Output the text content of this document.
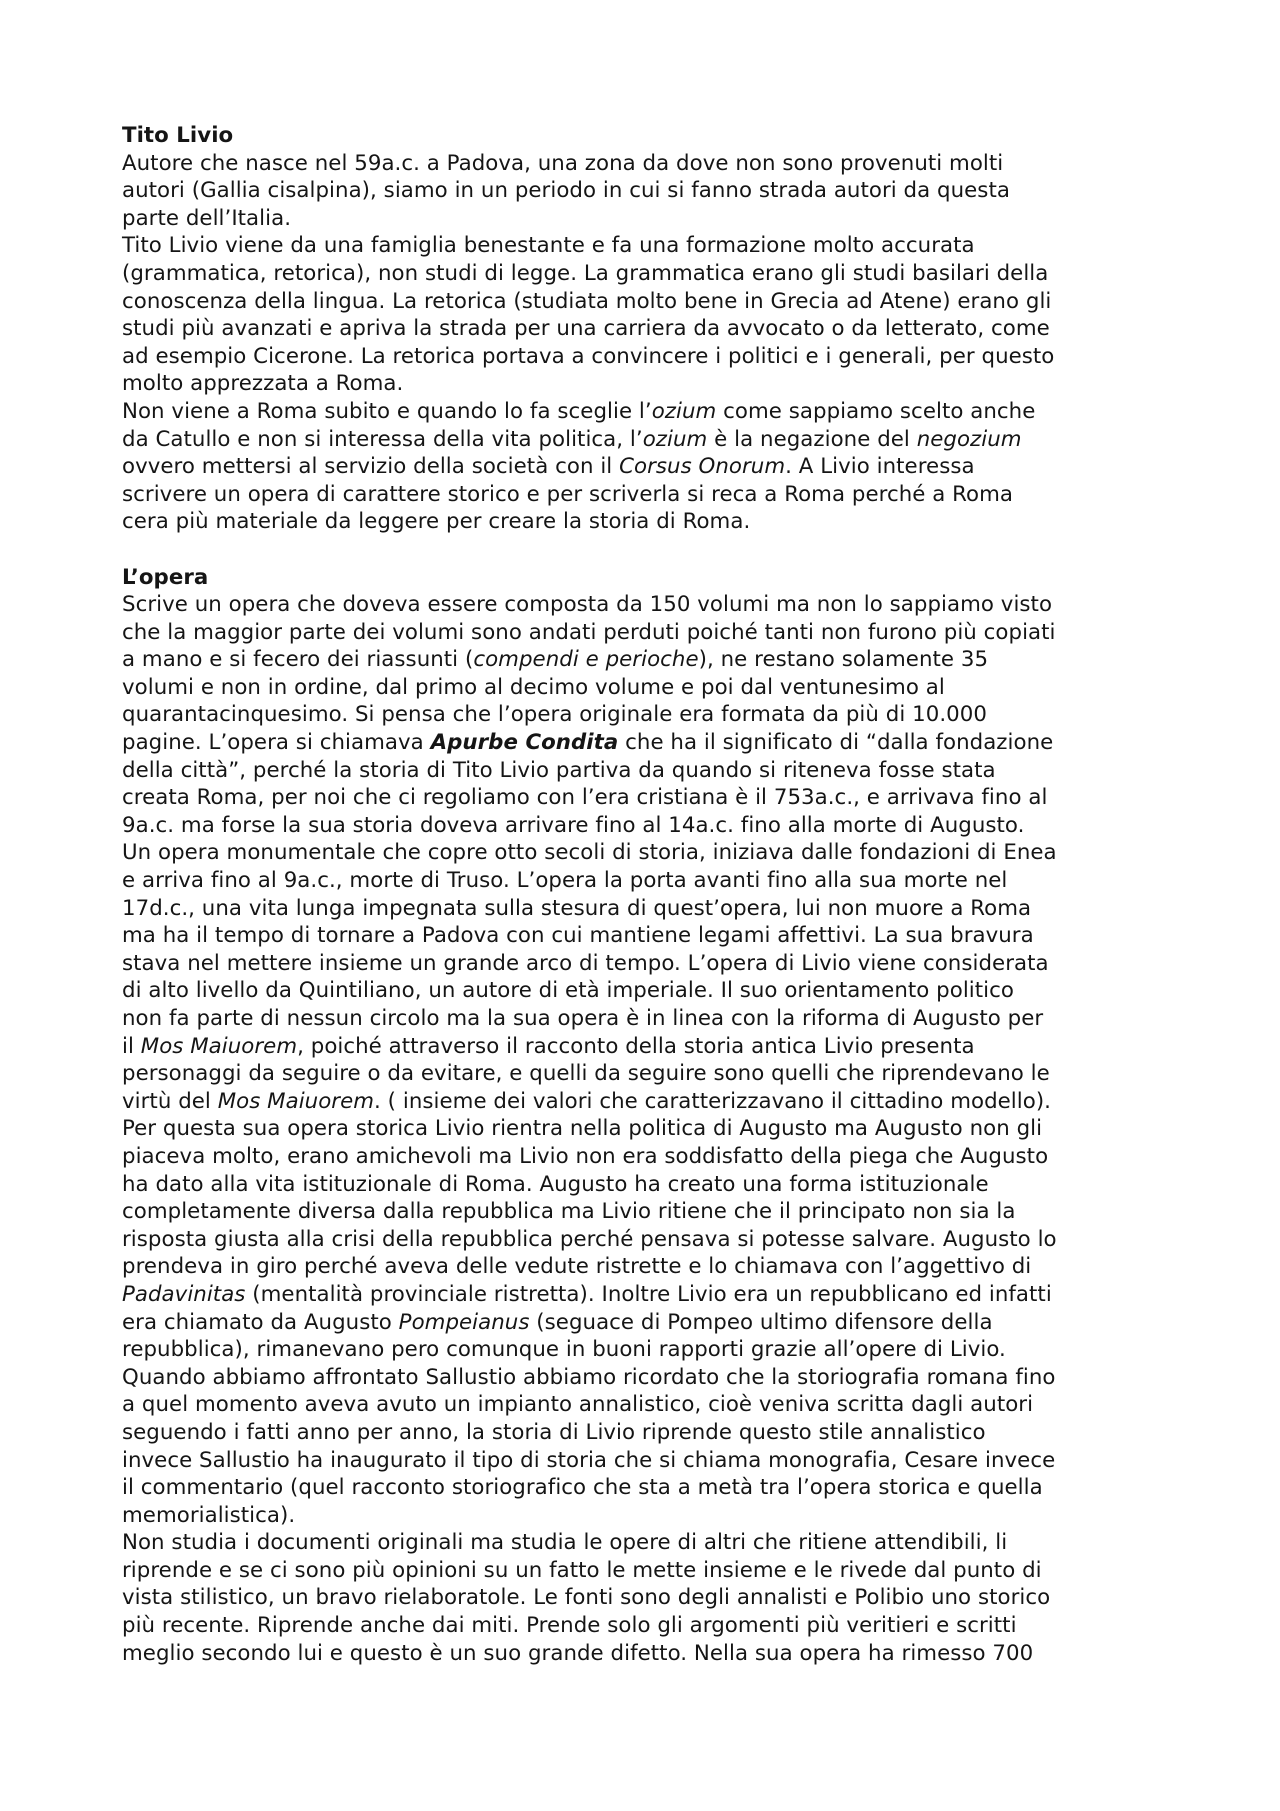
Tito Livio

Autore che nasce nel 59a.c. a Padova, una zona da dove non sono provenuti molti

autori (Gallia cisalpina), siamo in un periodo in cui si fanno strada autori da questa

parte dell’Italia.

Tito Livio viene da una famiglia benestante e fa una formazione molto accurata

(grammatica, retorica), non studi di legge. La grammatica erano gli studi basilari della

conoscenza della lingua. La retorica (studiata molto bene in Grecia ad Atene) erano gli

studi più avanzati e apriva la strada per una carriera da avvocato o da letterato, come

ad esempio Cicerone. La retorica portava a convincere i politici e i generali, per questo

molto apprezzata a Roma.

Non viene a Roma subito e quando lo fa sceglie l’ozium come sappiamo scelto anche

da Catullo e non si interessa della vita politica, l’ozium è la negazione del negozium

ovvero mettersi al servizio della società con il Corsus Onorum. A Livio interessa

scrivere un opera di carattere storico e per scriverla si reca a Roma perché a Roma

cera più materiale da leggere per creare la storia di Roma.

L’opera

Scrive un opera che doveva essere composta da 150 volumi ma non lo sappiamo visto

che la maggior parte dei volumi sono andati perduti poiché tanti non furono più copiati

a mano e si fecero dei riassunti (compendi e perioche), ne restano solamente 35

volumi e non in ordine, dal primo al decimo volume e poi dal ventunesimo al

quarantacinquesimo. Si pensa che l’opera originale era formata da più di 10.000

pagine. L’opera si chiamava Apurbe Condita che ha il significato di “dalla fondazione

della città”, perché la storia di Tito Livio partiva da quando si riteneva fosse stata

creata Roma, per noi che ci regoliamo con l’era cristiana è il 753a.c., e arrivava fino al

9a.c. ma forse la sua storia doveva arrivare fino al 14a.c. fino alla morte di Augusto.

Un opera monumentale che copre otto secoli di storia, iniziava dalle fondazioni di Enea

e arriva fino al 9a.c., morte di Truso. L’opera la porta avanti fino alla sua morte nel

17d.c., una vita lunga impegnata sulla stesura di quest’opera, lui non muore a Roma

ma ha il tempo di tornare a Padova con cui mantiene legami affettivi. La sua bravura

stava nel mettere insieme un grande arco di tempo. L’opera di Livio viene considerata

di alto livello da Quintiliano, un autore di età imperiale. Il suo orientamento politico

non fa parte di nessun circolo ma la sua opera è in linea con la riforma di Augusto per

il Mos Maiuorem, poiché attraverso il racconto della storia antica Livio presenta

personaggi da seguire o da evitare, e quelli da seguire sono quelli che riprendevano le

virtù del Mos Maiuorem. ( insieme dei valori che caratterizzavano il cittadino modello).

Per questa sua opera storica Livio rientra nella politica di Augusto ma Augusto non gli

piaceva molto, erano amichevoli ma Livio non era soddisfatto della piega che Augusto

ha dato alla vita istituzionale di Roma. Augusto ha creato una forma istituzionale

completamente diversa dalla repubblica ma Livio ritiene che il principato non sia la

risposta giusta alla crisi della repubblica perché pensava si potesse salvare. Augusto lo

prendeva in giro perché aveva delle vedute ristrette e lo chiamava con l’aggettivo di

Padavinitas (mentalità provinciale ristretta). Inoltre Livio era un repubblicano ed infatti

era chiamato da Augusto Pompeianus (seguace di Pompeo ultimo difensore della

repubblica), rimanevano pero comunque in buoni rapporti grazie all’opere di Livio.

Quando abbiamo affrontato Sallustio abbiamo ricordato che la storiografia romana fino

a quel momento aveva avuto un impianto annalistico, cioè veniva scritta dagli autori

seguendo i fatti anno per anno, la storia di Livio riprende questo stile annalistico

invece Sallustio ha inaugurato il tipo di storia che si chiama monografia, Cesare invece

il commentario (quel racconto storiografico che sta a metà tra l’opera storica e quella

memorialistica).

Non studia i documenti originali ma studia le opere di altri che ritiene attendibili, li

riprende e se ci sono più opinioni su un fatto le mette insieme e le rivede dal punto di

vista stilistico, un bravo rielaboratole. Le fonti sono degli annalisti e Polibio uno storico

più recente. Riprende anche dai miti. Prende solo gli argomenti più veritieri e scritti

meglio secondo lui e questo è un suo grande difetto. Nella sua opera ha rimesso 700
